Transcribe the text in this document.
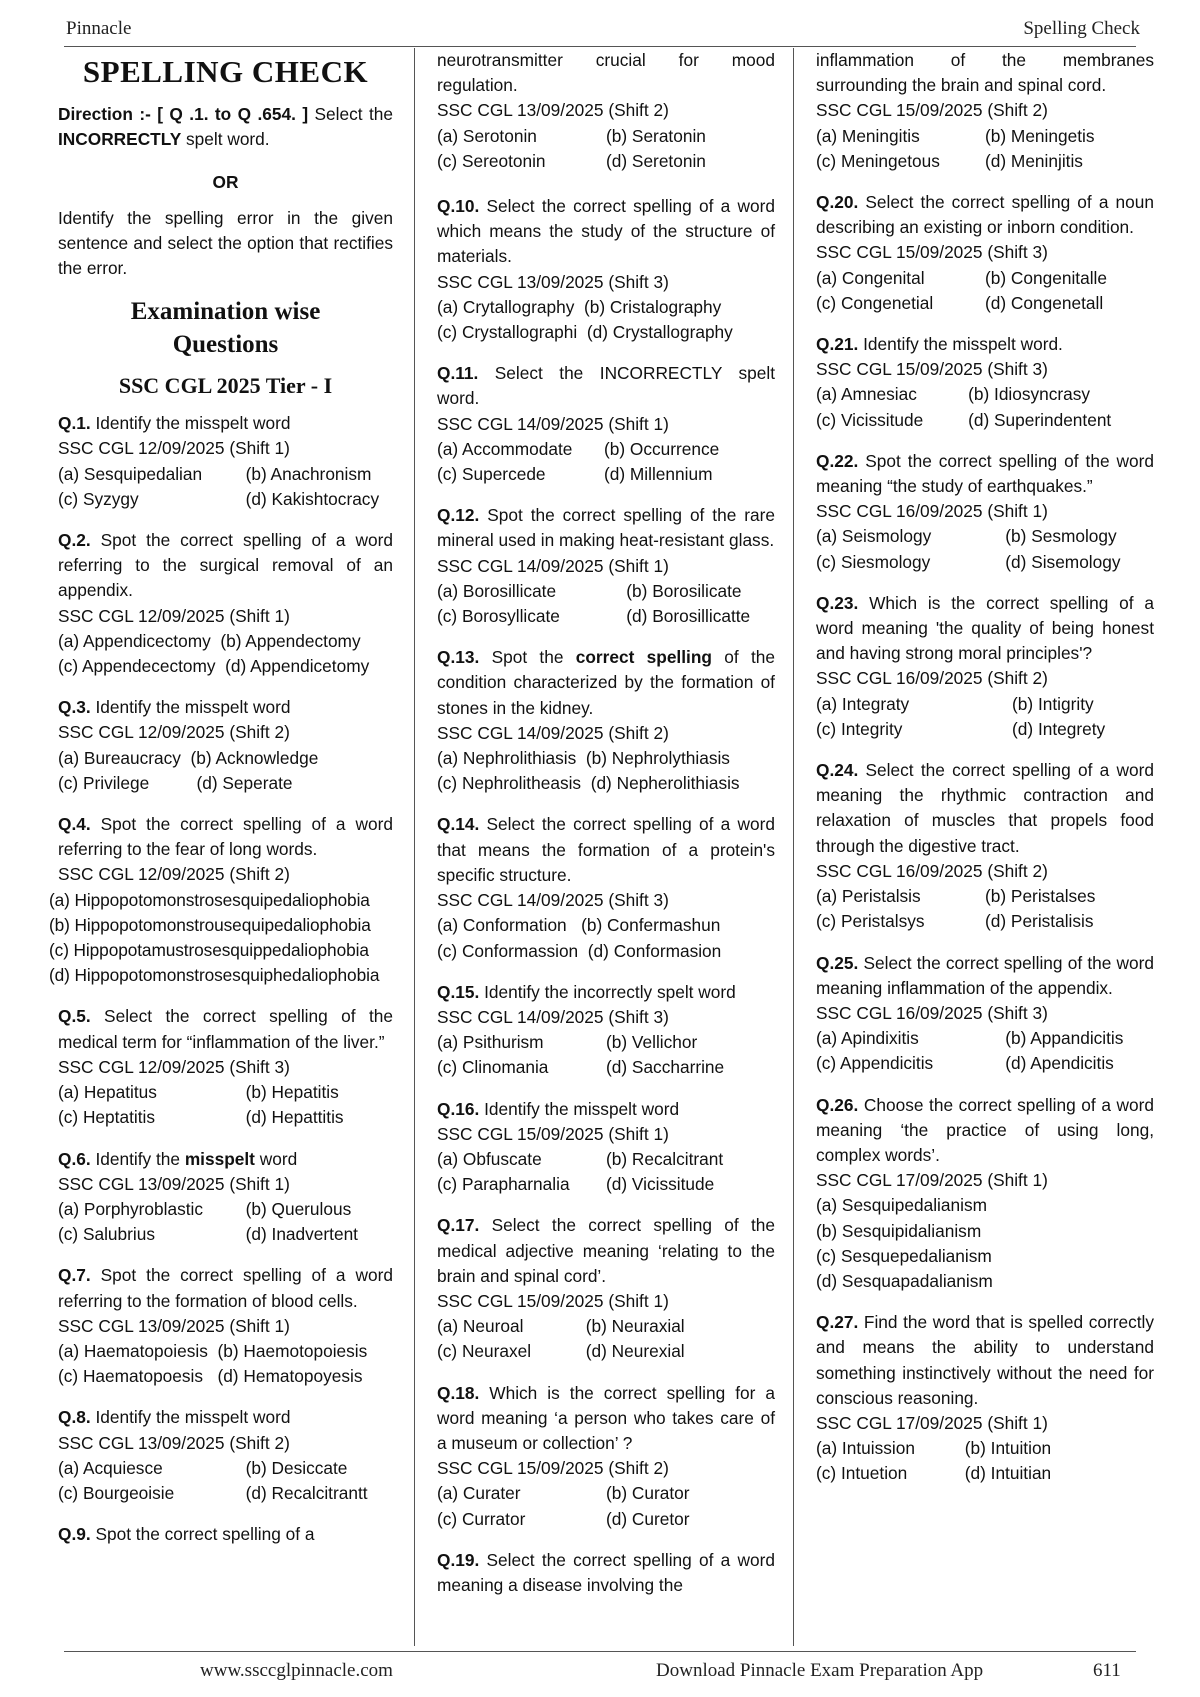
Pinnacle	Spelling Check
SPELLING CHECK
Direction :- [ Q .1. to Q .654. ] Select the INCORRECTLY spelt word.
OR
Identify the spelling error in the given sentence and select the option that rectifies the error.
Examination wise
Questions
SSC CGL 2025 Tier - I
Q.1. Identify the misspelt word
SSC CGL 12/09/2025 (Shift 1)
(a) Sesquipedalian	(b) Anachronism
(c) Syzygy	(d) Kakishtocracy
Q.2. Spot the correct spelling of a word referring to the surgical removal of an appendix.
SSC CGL 12/09/2025 (Shift 1)
(a) Appendicectomy (b) Appendectomy
(c) Appendecectomy (d) Appendicetomy
Q.3. Identify the misspelt word
SSC CGL 12/09/2025 (Shift 2)
(a) Bureaucracy (b) Acknowledge
(c) Privilege	(d) Seperate
Q.4. Spot the correct spelling of a word referring to the fear of long words.
SSC CGL 12/09/2025 (Shift 2)
(a) Hippopotomonstrosesquipedaliophobia
(b) Hippopotomonstrousequipedaliophobia
(c) Hippopotamustrosesquippedaliophobia
(d) Hippopotomonstrosesquiphedaliophobia
Q.5. Select the correct spelling of the medical term for “inflammation of the liver.”
SSC CGL 12/09/2025 (Shift 3)
(a) Hepatitus	(b) Hepatitis
(c) Heptatitis	(d) Hepattitis
Q.6. Identify the misspelt word
SSC CGL 13/09/2025 (Shift 1)
(a) Porphyroblastic	(b) Querulous
(c) Salubrius	(d) Inadvertent
Q.7. Spot the correct spelling of a word referring to the formation of blood cells.
SSC CGL 13/09/2025 (Shift 1)
(a) Haematopoiesis (b) Haemotopoiesis
(c) Haematopoesis (d) Hematopoyesis
Q.8. Identify the misspelt word
SSC CGL 13/09/2025 (Shift 2)
(a) Acquiesce	(b) Desiccate
(c) Bourgeoisie	(d) Recalcitrantt
Q.9. Spot the correct spelling of a
neurotransmitter crucial for mood regulation.
SSC CGL 13/09/2025 (Shift 2)
(a) Serotonin	(b) Seratonin
(c) Sereotonin	(d) Seretonin
Q.10. Select the correct spelling of a word which means the study of the structure of materials.
SSC CGL 13/09/2025 (Shift 3)
(a) Crytallography (b) Cristalography
(c) Crystallographi (d) Crystallography
Q.11. Select the INCORRECTLY spelt word.
SSC CGL 14/09/2025 (Shift 1)
(a) Accommodate	(b) Occurrence
(c) Supercede	(d) Millennium
Q.12. Spot the correct spelling of the rare mineral used in making heat-resistant glass.
SSC CGL 14/09/2025 (Shift 1)
(a) Borosillicate	(b) Borosilicate
(c) Borosyllicate	(d) Borosillicatte
Q.13. Spot the correct spelling of the condition characterized by the formation of stones in the kidney.
SSC CGL 14/09/2025 (Shift 2)
(a) Nephrolithiasis (b) Nephrolythiasis
(c) Nephrolitheasis (d) Nepherolithiasis
Q.14. Select the correct spelling of a word that means the formation of a protein's specific structure.
SSC CGL 14/09/2025 (Shift 3)
(a) Conformation (b) Confermashun
(c) Conformassion (d) Conformasion
Q.15. Identify the incorrectly spelt word
SSC CGL 14/09/2025 (Shift 3)
(a) Psithurism	(b) Vellichor
(c) Clinomania	(d) Saccharrine
Q.16. Identify the misspelt word
SSC CGL 15/09/2025 (Shift 1)
(a) Obfuscate	(b) Recalcitrant
(c) Parapharnalia	(d) Vicissitude
Q.17. Select the correct spelling of the medical adjective meaning ‘relating to the brain and spinal cord’.
SSC CGL 15/09/2025 (Shift 1)
(a) Neuroal	(b) Neuraxial
(c) Neuraxel	(d) Neurexial
Q.18. Which is the correct spelling for a word meaning ‘a person who takes care of a museum or collection’ ?
SSC CGL 15/09/2025 (Shift 2)
(a) Curater	(b) Curator
(c) Currator	(d) Curetor
Q.19. Select the correct spelling of a word meaning a disease involving the
inflammation of the membranes surrounding the brain and spinal cord.
SSC CGL 15/09/2025 (Shift 2)
(a) Meningitis	(b) Meningetis
(c) Meningetous	(d) Meninjitis
Q.20. Select the correct spelling of a noun describing an existing or inborn condition.
SSC CGL 15/09/2025 (Shift 3)
(a) Congenital	(b) Congenitalle
(c) Congenetial	(d) Congenetall
Q.21. Identify the misspelt word.
SSC CGL 15/09/2025 (Shift 3)
(a) Amnesiac	(b) Idiosyncrasy
(c) Vicissitude	(d) Superindentent
Q.22. Spot the correct spelling of the word meaning “the study of earthquakes.”
SSC CGL 16/09/2025 (Shift 1)
(a) Seismology	(b) Sesmology
(c) Siesmology	(d) Sisemology
Q.23. Which is the correct spelling of a word meaning 'the quality of being honest and having strong moral principles'?
SSC CGL 16/09/2025 (Shift 2)
(a) Integraty	(b) Intigrity
(c) Integrity	(d) Integrety
Q.24. Select the correct spelling of a word meaning the rhythmic contraction and relaxation of muscles that propels food through the digestive tract.
SSC CGL 16/09/2025 (Shift 2)
(a) Peristalsis	(b) Peristalses
(c) Peristalsys	(d) Peristalisis
Q.25. Select the correct spelling of the word meaning inflammation of the appendix.
SSC CGL 16/09/2025 (Shift 3)
(a) Apindixitis	(b) Appandicitis
(c) Appendicitis	(d) Apendicitis
Q.26. Choose the correct spelling of a word meaning ‘the practice of using long, complex words’.
SSC CGL 17/09/2025 (Shift 1)
(a) Sesquipedalianism
(b) Sesquipidalianism
(c) Sesquepedalianism
(d) Sesquapadalianism
Q.27. Find the word that is spelled correctly and means the ability to understand something instinctively without the need for conscious reasoning.
SSC CGL 17/09/2025 (Shift 1)
(a) Intuission	(b) Intuition
(c) Intuetion	(d) Intuitian
www.ssccglpinnacle.com	Download Pinnacle Exam Preparation App	611
